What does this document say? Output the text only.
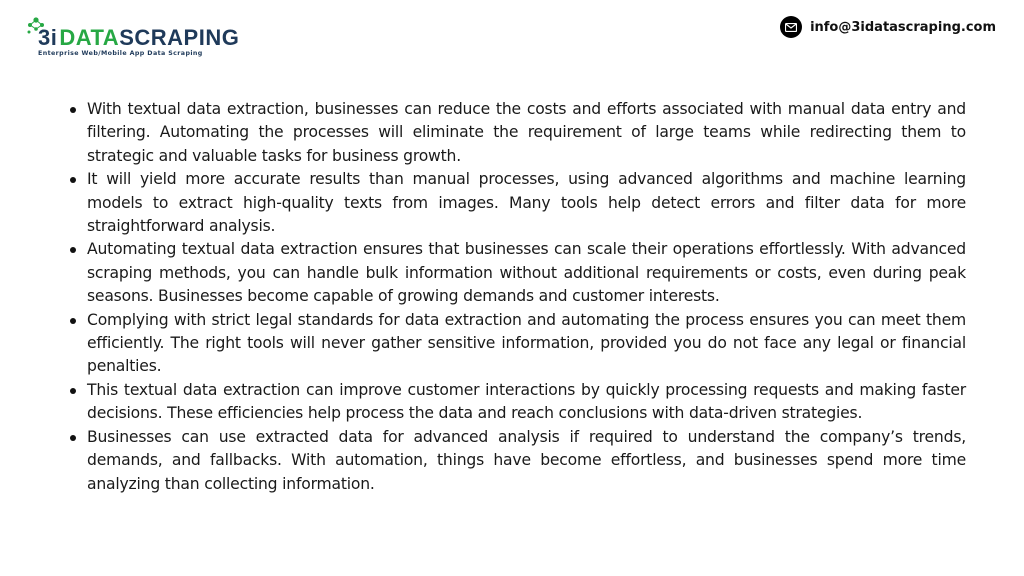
3iDATASCRAPING
Enterprise Web/Mobile App Data Scraping
info@3idatascraping.com
With textual data extraction, businesses can reduce the costs and efforts associated with manual data entry and filtering. Automating the processes will eliminate the requirement of large teams while redirecting them to strategic and valuable tasks for business growth.
It will yield more accurate results than manual processes, using advanced algorithms and machine learning models to extract high-quality texts from images. Many tools help detect errors and filter data for more straightforward analysis.
Automating textual data extraction ensures that businesses can scale their operations effortlessly. With advanced scraping methods, you can handle bulk information without additional requirements or costs, even during peak seasons. Businesses become capable of growing demands and customer interests.
Complying with strict legal standards for data extraction and automating the process ensures you can meet them efficiently. The right tools will never gather sensitive information, provided you do not face any legal or financial penalties.
This textual data extraction can improve customer interactions by quickly processing requests and making faster decisions. These efficiencies help process the data and reach conclusions with data-driven strategies.
Businesses can use extracted data for advanced analysis if required to understand the company’s trends, demands, and fallbacks. With automation, things have become effortless, and businesses spend more time analyzing than collecting information.
